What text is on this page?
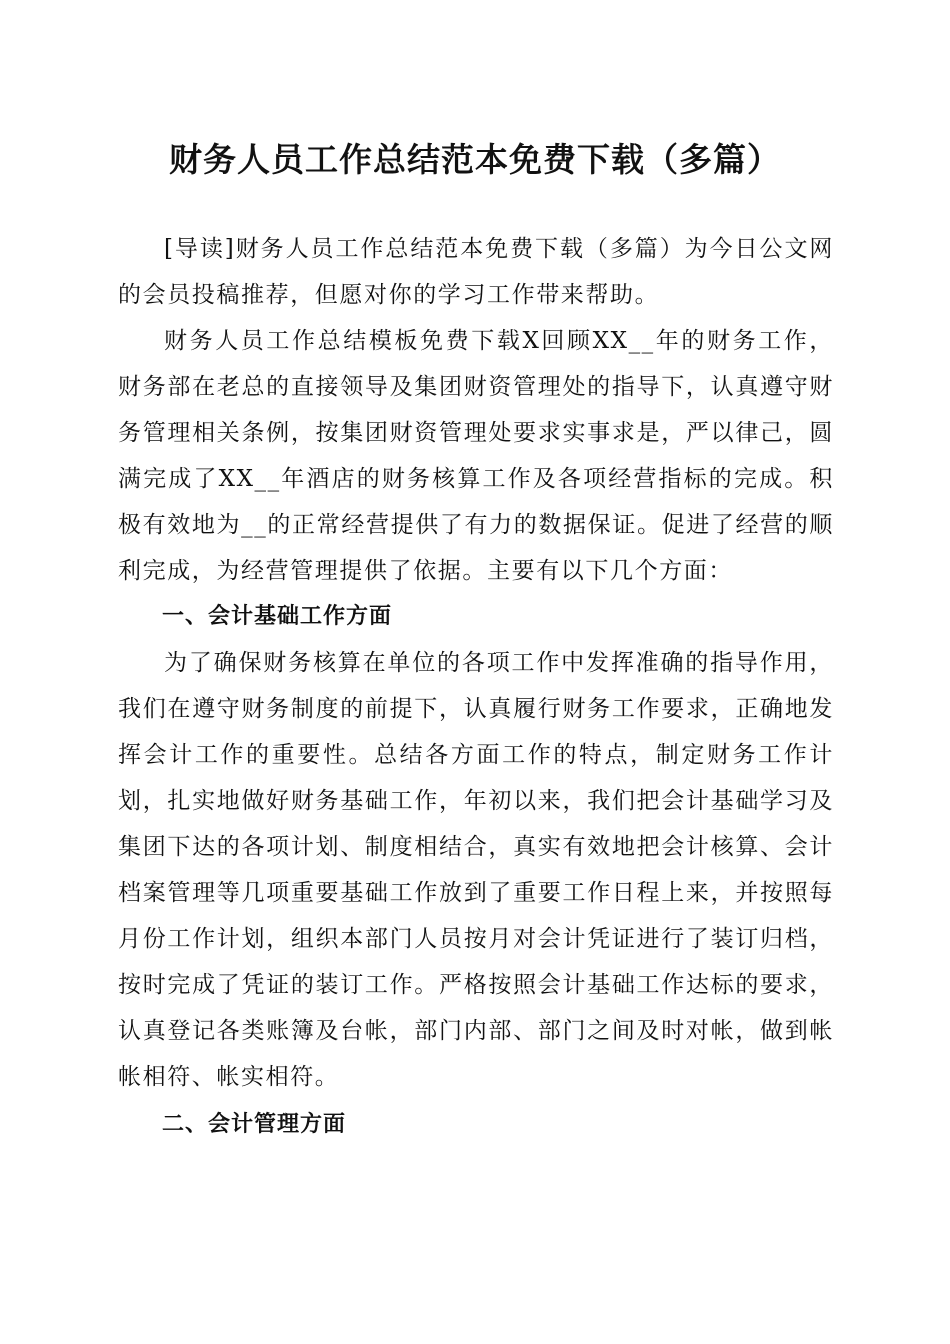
财务人员工作总结范本免费下载（多篇）

[导读]财务人员工作总结范本免费下载（多篇）为今日公文网的会员投稿推荐，但愿对你的学习工作带来帮助。

财务人员工作总结模板免费下载X回顾XX__年的财务工作，财务部在老总的直接领导及集团财资管理处的指导下，认真遵守财务管理相关条例，按集团财资管理处要求实事求是，严以律己，圆满完成了XX__年酒店的财务核算工作及各项经营指标的完成。积极有效地为__的正常经营提供了有力的数据保证。促进了经营的顺利完成，为经营管理提供了依据。主要有以下几个方面：

一、会计基础工作方面

为了确保财务核算在单位的各项工作中发挥准确的指导作用，我们在遵守财务制度的前提下，认真履行财务工作要求，正确地发挥会计工作的重要性。总结各方面工作的特点，制定财务工作计划，扎实地做好财务基础工作，年初以来，我们把会计基础学习及集团下达的各项计划、制度相结合，真实有效地把会计核算、会计档案管理等几项重要基础工作放到了重要工作日程上来，并按照每月份工作计划，组织本部门人员按月对会计凭证进行了装订归档，按时完成了凭证的装订工作。严格按照会计基础工作达标的要求，认真登记各类账簿及台帐，部门内部、部门之间及时对帐，做到帐帐相符、帐实相符。

二、会计管理方面
